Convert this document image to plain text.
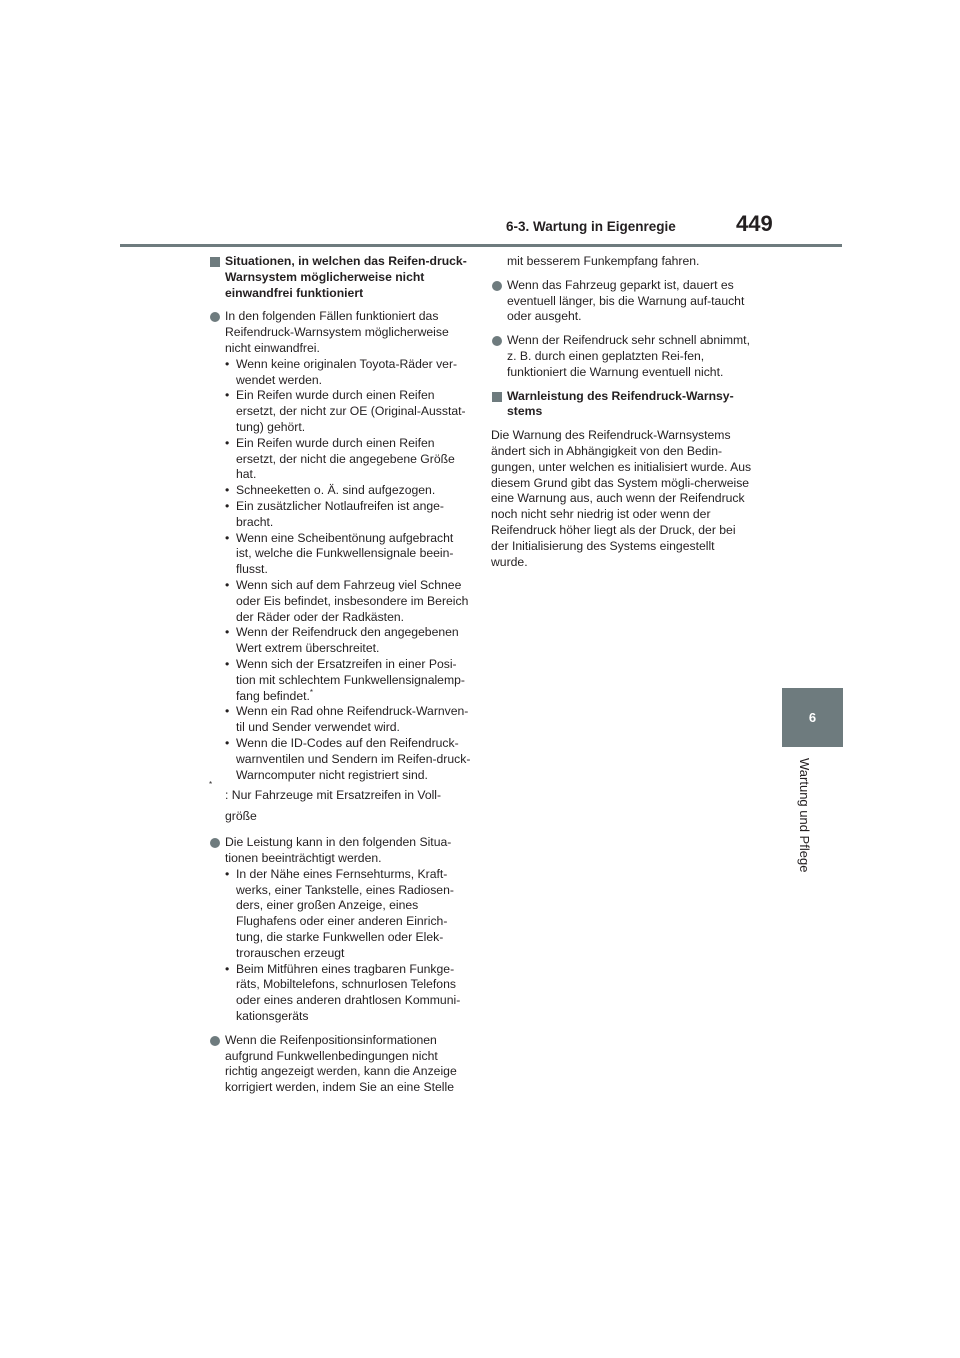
6-3. Wartung in Eigenregie	449
6
Wartung und Pflege
Situationen, in welchen das Reifen-druck-Warnsystem möglicherweise nicht einwandfrei funktioniert
In den folgenden Fällen funktioniert das Reifendruck-Warnsystem möglicherweise nicht einwandfrei.
• Wenn keine originalen Toyota-Räder ver-wendet werden.
• Ein Reifen wurde durch einen Reifen ersetzt, der nicht zur OE (Original-Ausstat-tung) gehört.
• Ein Reifen wurde durch einen Reifen ersetzt, der nicht die angegebene Größe hat.
• Schneeketten o. Ä. sind aufgezogen.
• Ein zusätzlicher Notlaufreifen ist ange-bracht.
• Wenn eine Scheibentönung aufgebracht ist, welche die Funkwellensignale beein-flusst.
• Wenn sich auf dem Fahrzeug viel Schnee oder Eis befindet, insbesondere im Bereich der Räder oder der Radkästen.
• Wenn der Reifendruck den angegebenen Wert extrem überschreitet.
• Wenn sich der Ersatzreifen in einer Posi-tion mit schlechtem Funkwellensignalemp-fang befindet.*
• Wenn ein Rad ohne Reifendruck-Warnven-til und Sender verwendet wird.
• Wenn die ID-Codes auf den Reifendruck-warnventilen und Sendern im Reifen-druck-Warncomputer nicht registriert sind.
*
: Nur Fahrzeuge mit Ersatzreifen in Voll-größe
Die Leistung kann in den folgenden Situa-tionen beeinträchtigt werden.
• In der Nähe eines Fernsehturms, Kraft-werks, einer Tankstelle, eines Radiosen-ders, einer großen Anzeige, eines Flughafens oder einer anderen Einrich-tung, die starke Funkwellen oder Elek-trorauschen erzeugt
• Beim Mitführen eines tragbaren Funkge-räts, Mobiltelefons, schnurlosen Telefons oder eines anderen drahtlosen Kommuni-kationsgeräts
Wenn die Reifenpositionsinformationen aufgrund Funkwellenbedingungen nicht richtig angezeigt werden, kann die Anzeige korrigiert werden, indem Sie an eine Stelle
mit besserem Funkempfang fahren.
Wenn das Fahrzeug geparkt ist, dauert es eventuell länger, bis die Warnung auf-taucht oder ausgeht.
Wenn der Reifendruck sehr schnell abnimmt, z. B. durch einen geplatzten Rei-fen, funktioniert die Warnung eventuell nicht.
Warnleistung des Reifendruck-Warnsy-stems

Die Warnung des Reifendruck-Warnsystems ändert sich in Abhängigkeit von den Bedin-gungen, unter welchen es initialisiert wurde. Aus diesem Grund gibt das System mögli-cherweise eine Warnung aus, auch wenn der Reifendruck noch nicht sehr niedrig ist oder wenn der Reifendruck höher liegt als der Druck, der bei der Initialisierung des Systems eingestellt wurde.
